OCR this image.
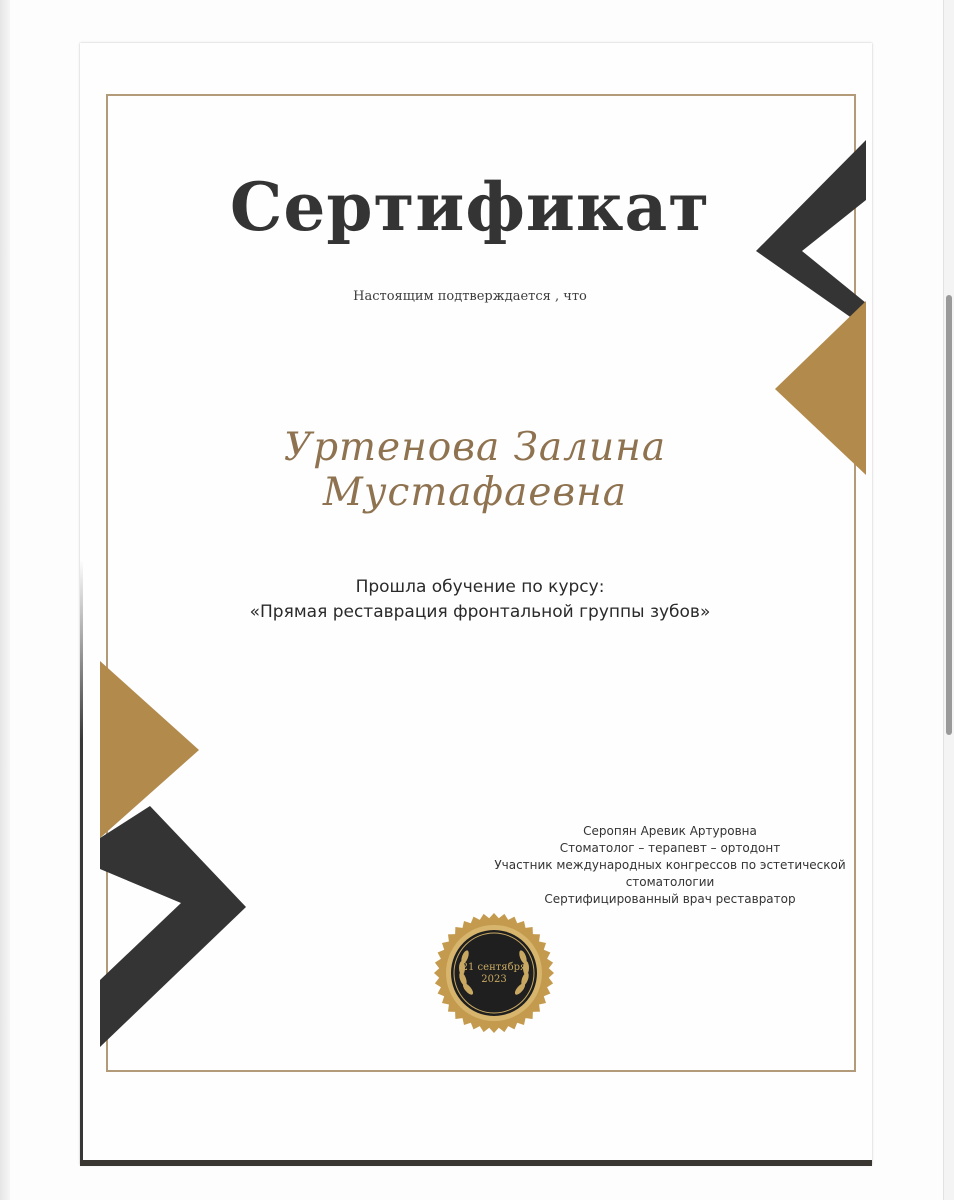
Сертификат
Настоящим подтверждается , что
Уртенова Залина Мустафаевна
Прошла обучение по курсу:
«Прямая реставрация фронтальной группы зубов»
Серопян Аревик Артуровна
Стоматолог – терапевт – ортодонт
Участник международных конгрессов по эстетической
стоматологии
Сертифицированный врач реставратор
21 сентября
2023
